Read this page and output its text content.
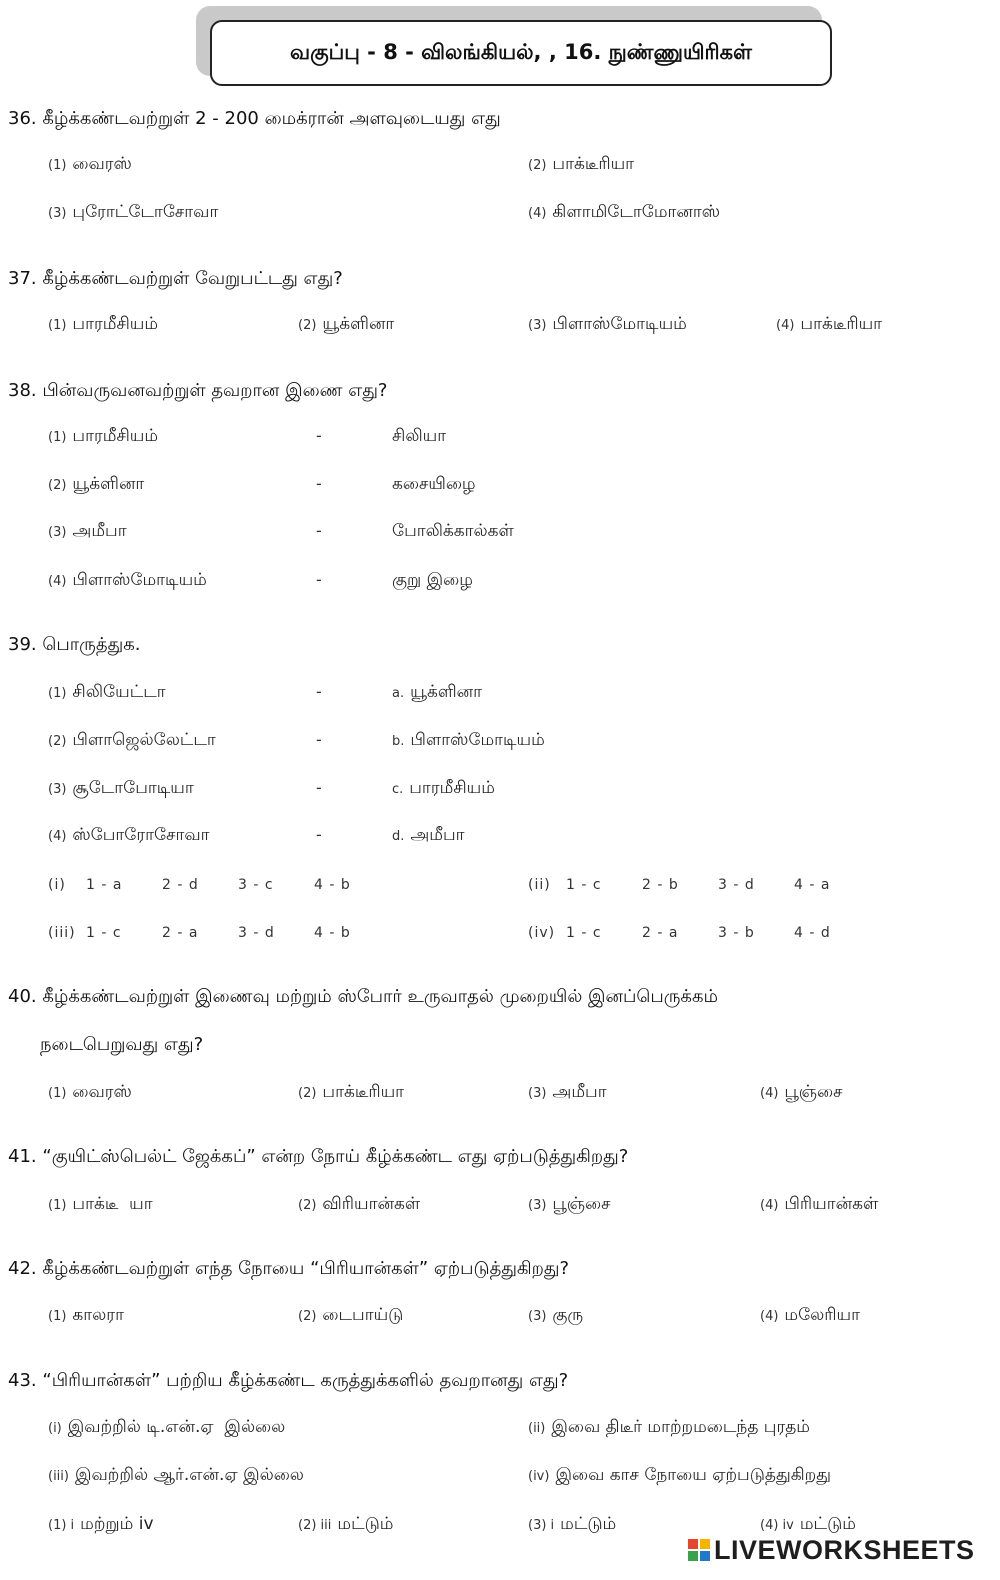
வகுப்பு - 8 - விலங்கியல், , 16. நுண்ணுயிரிகள்
36. கீழ்க்கண்டவற்றுள் 2 - 200 மைக்ரான் அளவுடையது எது
(1) வைரஸ்	(2) பாக்டீரியா
(3) புரோட்டோசோவா	(4) கிளாமிடோமோனாஸ்
37. கீழ்க்கண்டவற்றுள் வேறுபட்டது எது?
(1) பாரமீசியம்	(2) யூக்ளினா	(3) பிளாஸ்மோடியம்	(4) பாக்டீரியா
38. பின்வருவனவற்றுள் தவறான இணை எது?
(1) பாரமீசியம்	-	சிலியா
(2) யூக்ளினா	-	கசையிழை
(3) அமீபா	-	போலிக்கால்கள்
(4) பிளாஸ்மோடியம்	-	குறு இழை
39. பொருத்துக.
(1) சிலியேட்டா	-	a. யூக்ளினா
(2) பிளாஜெல்லேட்டா	-	b. பிளாஸ்மோடியம்
(3) சூடோபோடியா	-	c. பாரமீசியம்
(4) ஸ்போரோசோவா	-	d. அமீபா
(i) 1 - a	2 - d	3 - c	4 - b	(ii) 1 - c	2 - b	3 - d	4 - a
(iii) 1 - c	2 - a	3 - d	4 - b	(iv) 1 - c	2 - a	3 - b	4 - d
40. கீழ்க்கண்டவற்றுள் இணைவு மற்றும் ஸ்போர் உருவாதல் முறையில் இனப்பெருக்கம்
நடைபெறுவது எது?
(1) வைரஸ்	(2) பாக்டீரியா	(3) அமீபா	(4) பூஞ்சை
41. “குயிட்ஸ்பெல்ட் ஜேக்கப்” என்ற நோய் கீழ்க்கண்ட எது ஏற்படுத்துகிறது?
(1) பாக்டீ  யா	(2) விரியான்கள்	(3) பூஞ்சை	(4) பிரியான்கள்
42. கீழ்க்கண்டவற்றுள் எந்த நோயை “பிரியான்கள்” ஏற்படுத்துகிறது?
(1) காலரா	(2) டைபாய்டு	(3) குரு	(4) மலேரியா
43. “பிரியான்கள்” பற்றிய கீழ்க்கண்ட கருத்துக்களில் தவறானது எது?
(i) இவற்றில் டி.என்.ஏ  இல்லை	(ii) இவை திடீர் மாற்றமடைந்த புரதம்
(iii) இவற்றில் ஆர்.என்.ஏ இல்லை	(iv) இவை காச நோயை ஏற்படுத்துகிறது
(1) i மற்றும் iv	(2) iii மட்டும்	(3) i மட்டும்	(4) iv மட்டும்
LIVEWORKSHEETS
